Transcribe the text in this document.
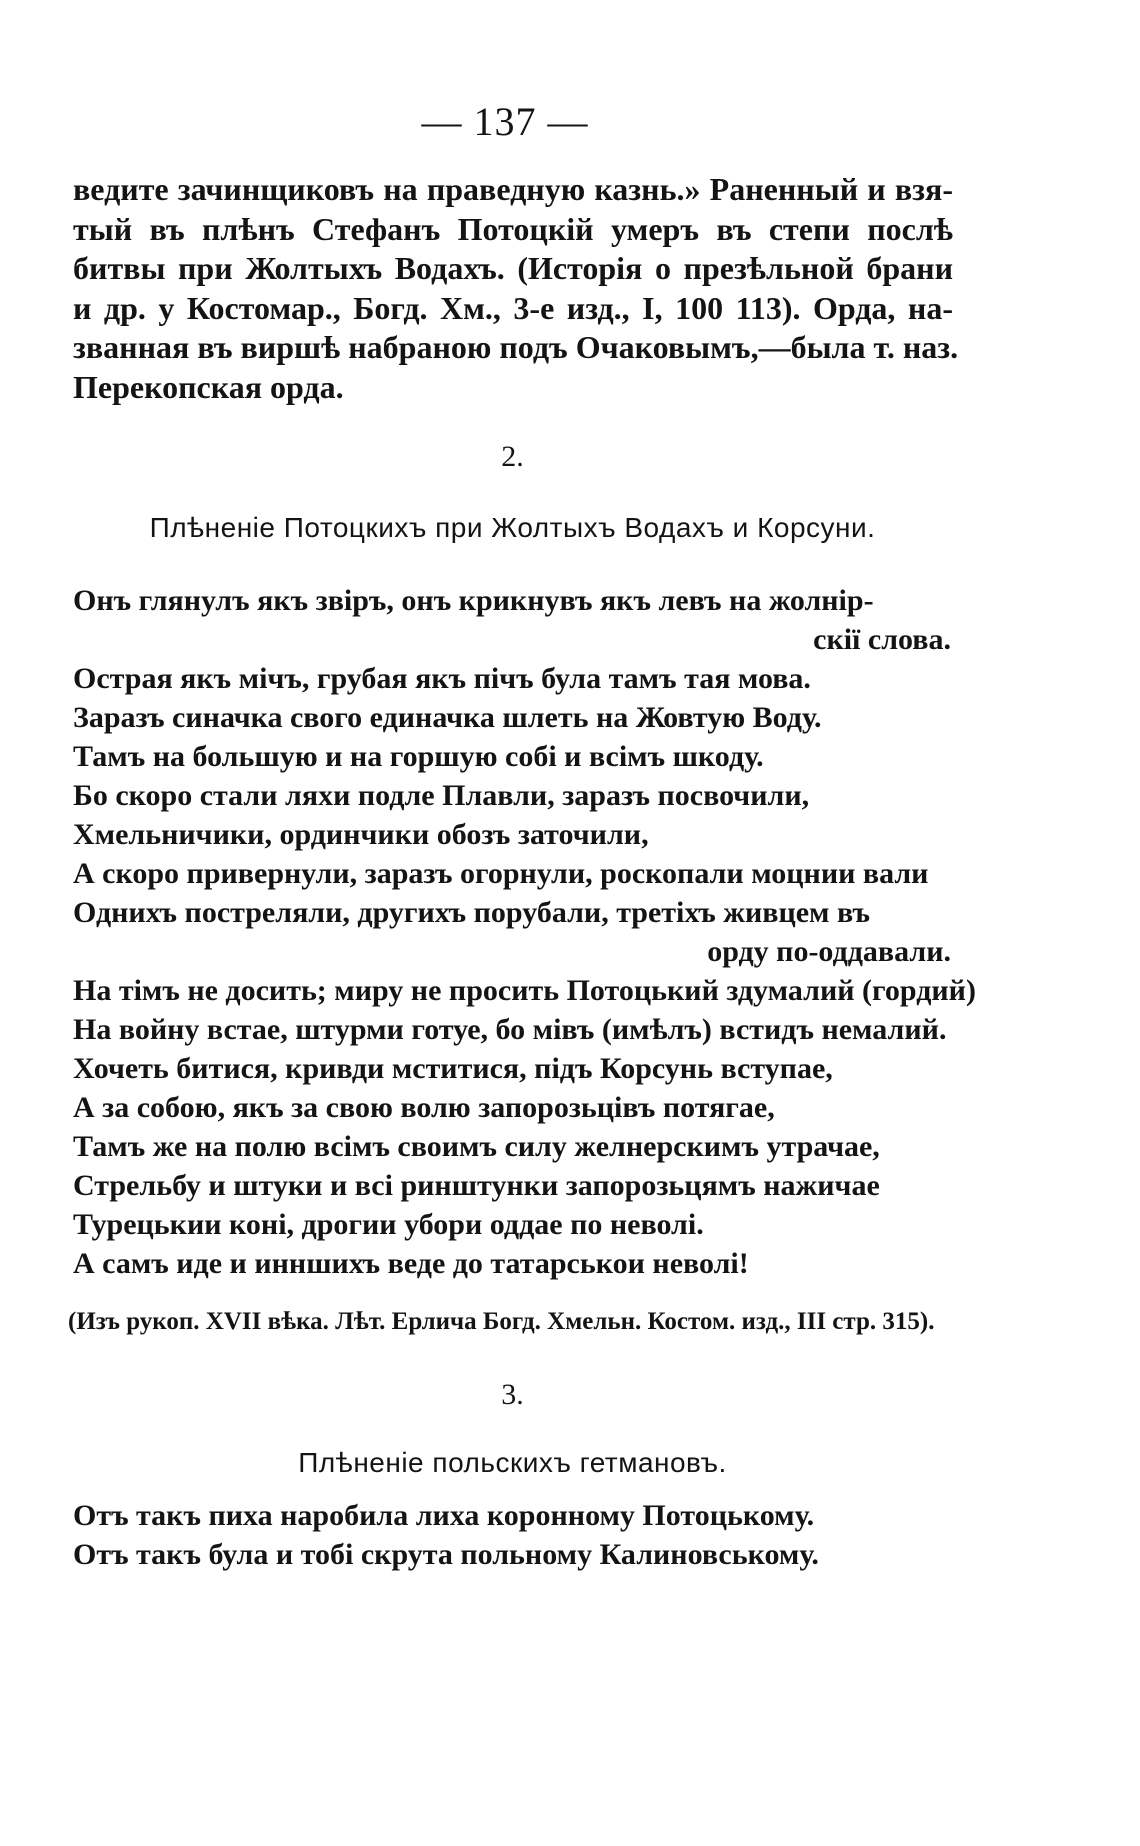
— 137 —
ведите зачинщиковъ на праведную казнь.» Раненный и взя-
тый въ плѣнъ Стефанъ Потоцкій умеръ въ степи послѣ
битвы при Жолтыхъ Водахъ. (Исторія о презѣльной брани
и др. у Костомар., Богд. Хм., 3-е изд., I, 100 113). Орда, на-
званная въ виршѣ набраною подъ Очаковымъ,—была т. наз.
Перекопская орда.
2.
Плѣненіе Потоцкихъ при Жолтыхъ Водахъ и Корсуни.
Онъ глянулъ якъ звіръ, онъ крикнувъ якъ левъ на жолнір-
скії слова.
Острая якъ мічъ, грубая якъ пічъ була тамъ тая мова.
Заразъ синачка свого единачка шлеть на Жовтую Воду.
Тамъ на большую и на горшую собі и всімъ шкоду.
Бо скоро стали ляхи подле Плавли, заразъ посвочили,
Хмельничики, ординчики обозъ заточили,
А скоро привернули, заразъ огорнули, роскопали моцнии вали
Однихъ постреляли, другихъ порубали, третіхъ живцем въ
орду по-оддавали.
На тімъ не досить; миру не просить Потоцький здумалий (гордий)
На войну встае, штурми готуе, бо мівъ (имѣлъ) встидъ немалий.
Хочеть битися, кривди мститися, підъ Корсунь вступае,
А за собою, якъ за свою волю запорозьцівъ потягае,
Тамъ же на полю всімъ своимъ силу желнерскимъ утрачае,
Стрельбу и штуки и всі ринштунки запорозьцямъ нажичае
Турецькии коні, дрогии убори оддае по неволі.
А самъ иде и инншихъ веде до татарськои неволі!
(Изъ рукоп. XVII вѣка. Лѣт. Ерлича Богд. Хмельн. Костом. изд., III стр. 315).
3.
Плѣненіе польскихъ гетмановъ.
Отъ такъ пиха наробила лиха коронному Потоцькому.
Отъ такъ була и тобі скрута польному Калиновському.
